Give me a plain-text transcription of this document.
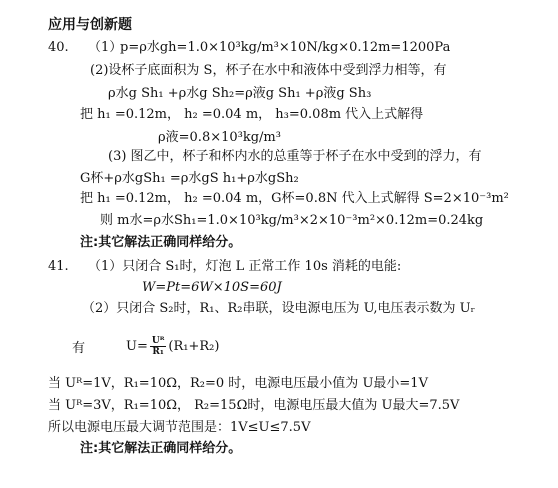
应用与创新题
40. （1）
p=ρ水gh=1.0×10³kg/m³×10N/kg×0.12m=1200Pa
(2)设杯子底面积为 S，杯子在水中和液体中受到浮力相等，有
ρ水g Sh₁ +ρ水g Sh₂=ρ液g Sh₁ +ρ液g Sh₃
把 h₁ =0.12m， h₂ =0.04 m， h₃=0.08m 代入上式解得
ρ液=0.8×10³kg/m³
(3) 图乙中，杯子和杯内水的总重等于杯子在水中受到的浮力，有
G杯+ρ水gSh₁ =ρ水gS h₁+ρ水gSh₂
把 h₁ =0.12m， h₂ =0.04 m，G杯=0.8N 代入上式解得 S=2×10⁻³m²
则 m水=ρ水Sh₁=1.0×10³kg/m³×2×10⁻³m²×0.12m=0.24kg
注:其它解法正确同样给分。
41. （1）只闭合 S₁时，灯泡 L 正常工作 10s 消耗的电能:
W=Pt=6W×10S=60J
（2）只闭合 S₂时，R₁、R₂串联，设电源电压为 U,电压表示数为 Uᵣ
有	$U= \frac{\text{Uᴿ}}{\text{R₁}} (R_1+R_2)$
当 Uᴿ=1V，R₁=10Ω，R₂=0 时，电源电压最小值为 U最小=1V
当 Uᴿ=3V，R₁=10Ω， R₂=15Ω时，电源电压最大值为 U最大=7.5V
所以电源电压最大调节范围是：1V≤U≤7.5V
注:其它解法正确同样给分。
